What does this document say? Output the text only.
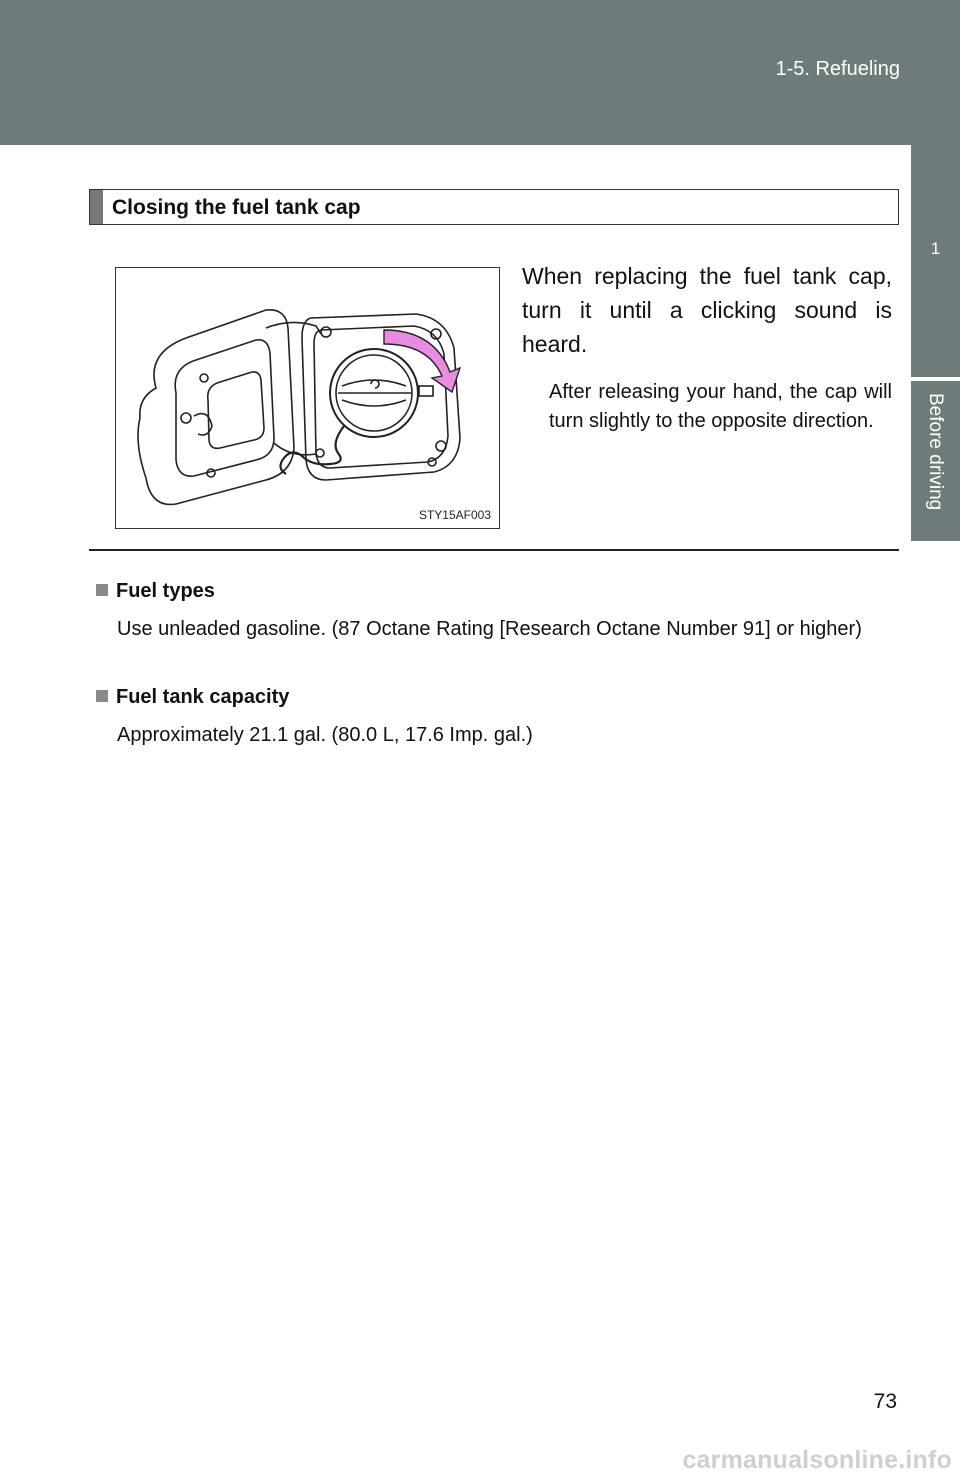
1-5. Refueling
1
Before driving
Closing the fuel tank cap
STY15AF003
When replacing the fuel tank cap, turn it until a clicking sound is heard.
After releasing your hand, the cap will turn slightly to the opposite direction.
Fuel types
Use unleaded gasoline. (87 Octane Rating [Research Octane Number 91] or higher)
Fuel tank capacity
Approximately 21.1 gal. (80.0 L, 17.6 Imp. gal.)
73
carmanualsonline.info
